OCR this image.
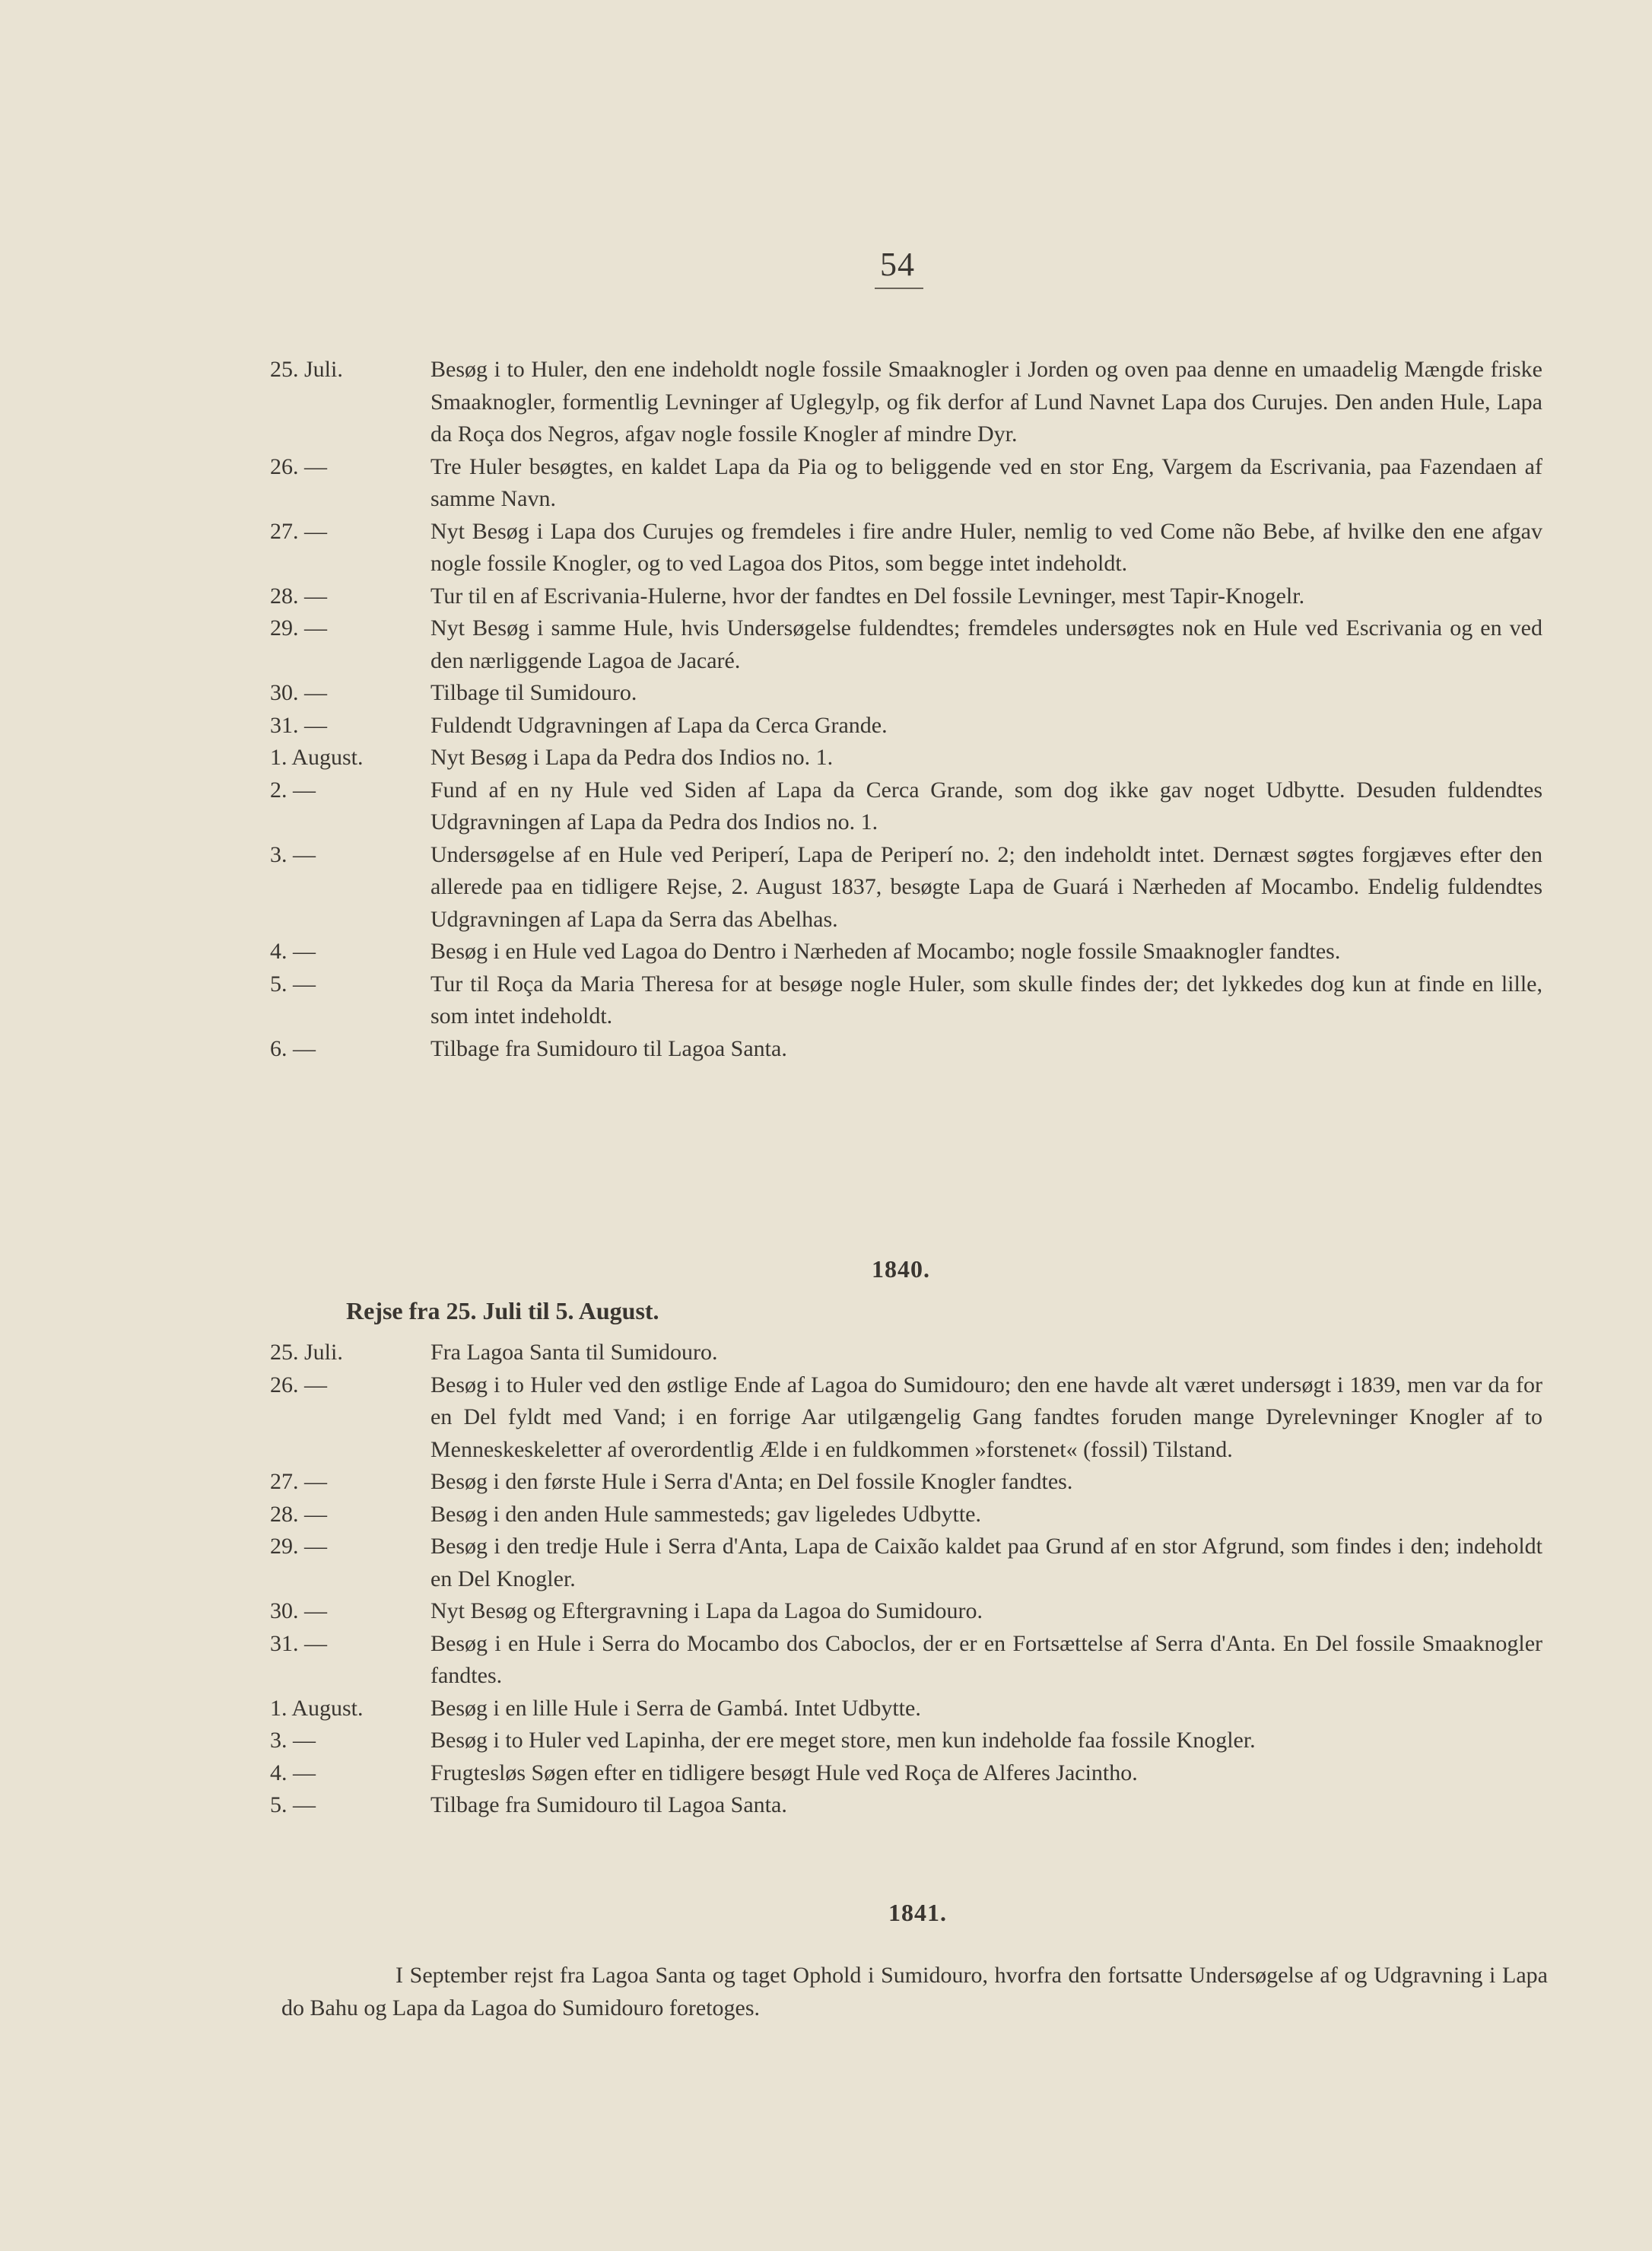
54
25. Juli.	Besøg i to Huler, den ene indeholdt nogle fossile Smaaknogler i Jorden og oven paa denne en umaadelig Mængde friske Smaaknogler, formentlig Levninger af Uglegylp, og fik derfor af Lund Navnet Lapa dos Curujes. Den anden Hule, Lapa da Roça dos Negros, afgav nogle fossile Knogler af mindre Dyr.
26. —	Tre Huler besøgtes, en kaldet Lapa da Pia og to beliggende ved en stor Eng, Vargem da Escrivania, paa Fazendaen af samme Navn.
27. —	Nyt Besøg i Lapa dos Curujes og fremdeles i fire andre Huler, nemlig to ved Come não Bebe, af hvilke den ene afgav nogle fossile Knogler, og to ved Lagoa dos Pitos, som begge intet indeholdt.
28. —	Tur til en af Escrivania-Hulerne, hvor der fandtes en Del fossile Levninger, mest Tapir-Knogelr.
29. —	Nyt Besøg i samme Hule, hvis Undersøgelse fuldendtes; fremdeles undersøgtes nok en Hule ved Escrivania og en ved den nærliggende Lagoa de Jacaré.
30. —	Tilbage til Sumidouro.
31. —	Fuldendt Udgravningen af Lapa da Cerca Grande.
1. August.	Nyt Besøg i Lapa da Pedra dos Indios no. 1.
2. —	Fund af en ny Hule ved Siden af Lapa da Cerca Grande, som dog ikke gav noget Udbytte. Desuden fuldendtes Udgravningen af Lapa da Pedra dos Indios no. 1.
3. —	Undersøgelse af en Hule ved Periperí, Lapa de Periperí no. 2; den indeholdt intet. Dernæst søgtes forgjæves efter den allerede paa en tidligere Rejse, 2. August 1837, besøgte Lapa de Guará i Nærheden af Mocambo. Endelig fuldendtes Udgravningen af Lapa da Serra das Abelhas.
4. —	Besøg i en Hule ved Lagoa do Dentro i Nærheden af Mocambo; nogle fossile Smaaknogler fandtes.
5. —	Tur til Roça da Maria Theresa for at besøge nogle Huler, som skulle findes der; det lykkedes dog kun at finde en lille, som intet indeholdt.
6. —	Tilbage fra Sumidouro til Lagoa Santa.
1840.
Rejse fra 25. Juli til 5. August.
25. Juli.	Fra Lagoa Santa til Sumidouro.
26. —	Besøg i to Huler ved den østlige Ende af Lagoa do Sumidouro; den ene havde alt været undersøgt i 1839, men var da for en Del fyldt med Vand; i en forrige Aar utilgængelig Gang fandtes foruden mange Dyrelevninger Knogler af to Menneskeskeletter af overordentlig Ælde i en fuldkommen »forstenet« (fossil) Tilstand.
27. —	Besøg i den første Hule i Serra d'Anta; en Del fossile Knogler fandtes.
28. —	Besøg i den anden Hule sammesteds; gav ligeledes Udbytte.
29. —	Besøg i den tredje Hule i Serra d'Anta, Lapa de Caixão kaldet paa Grund af en stor Afgrund, som findes i den; indeholdt en Del Knogler.
30. —	Nyt Besøg og Eftergravning i Lapa da Lagoa do Sumidouro.
31. —	Besøg i en Hule i Serra do Mocambo dos Caboclos, der er en Fortsættelse af Serra d'Anta. En Del fossile Smaaknogler fandtes.
1. August.	Besøg i en lille Hule i Serra de Gambá. Intet Udbytte.
3. —	Besøg i to Huler ved Lapinha, der ere meget store, men kun indeholde faa fossile Knogler.
4. —	Frugtesløs Søgen efter en tidligere besøgt Hule ved Roça de Alferes Jacintho.
5. —	Tilbage fra Sumidouro til Lagoa Santa.
1841.
I September rejst fra Lagoa Santa og taget Ophold i Sumidouro, hvorfra den fortsatte Undersøgelse af og Udgravning i Lapa do Bahu og Lapa da Lagoa do Sumidouro foretoges.
